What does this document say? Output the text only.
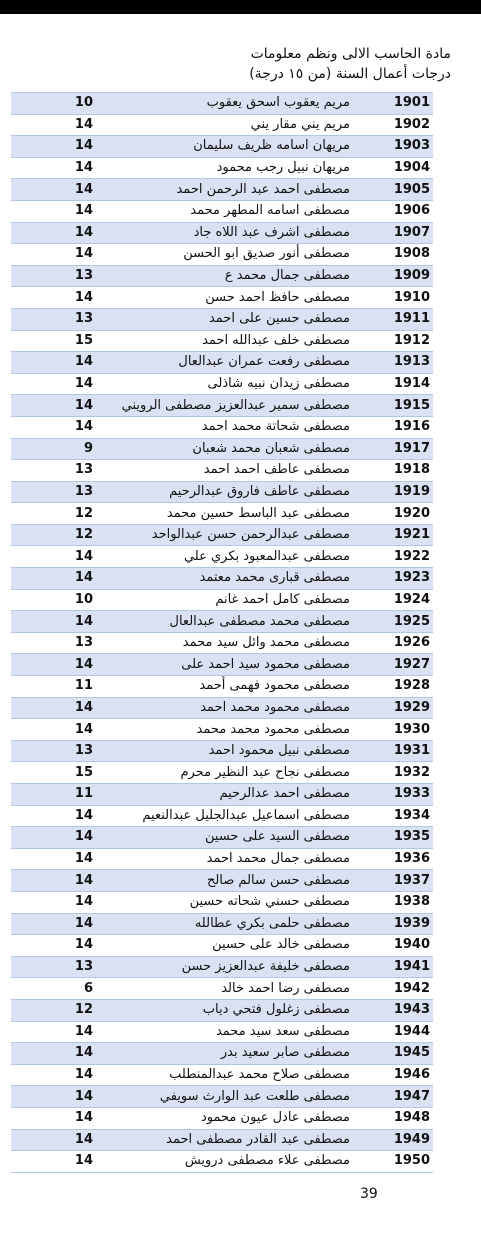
مادة الحاسب الالى ونظم معلومات
درجات أعمال السنة (من ١٥ درجة)
10	مريم يعقوب اسحق يعقوب	1901
14	مريم يني مقار يني	1902
14	مريهان اسامه ظريف سليمان	1903
14	مريهان نبيل رجب محمود	1904
14	مصطفى احمد عبد الرحمن احمد	1905
14	مصطفى اسامه المطهر محمد	1906
14	مصطفى اشرف عبد اللاه جاد	1907
14	مصطفى أنور صديق ابو الحسن	1908
13	مصطفى جمال محمد ع	1909
14	مصطفى حافظ احمد حسن	1910
13	مصطفى حسين على احمد	1911
15	مصطفى خلف عبدالله احمد	1912
14	مصطفى رفعت عمران عبدالعال	1913
14	مصطفى زيدان نبيه شاذلى	1914
14	مصطفى سمير عبدالعزيز مصطفى الرويني	1915
14	مصطفى شحاتة محمد احمد	1916
9	مصطفى شعبان محمد شعبان	1917
13	مصطفى عاطف احمد احمد	1918
13	مصطفى عاطف فاروق عبدالرحيم	1919
12	مصطفى عبد الباسط حسين محمد	1920
12	مصطفى عبدالرحمن حسن عبدالواحد	1921
14	مصطفى عبدالمعبود بكري علي	1922
14	مصطفى قبارى محمد معتمد	1923
10	مصطفى كامل احمد غانم	1924
14	مصطفى محمد مصطفى عبدالعال	1925
13	مصطفى محمد وائل سيد محمد	1926
14	مصطفى محمود سيد احمد على	1927
11	مصطفى محمود فهمى أحمد	1928
14	مصطفى محمود محمد احمد	1929
14	مصطفى محمود محمد محمد	1930
13	مصطفى نبيل محمود احمد	1931
15	مصطفى نجاح عبد النظير محرم	1932
11	مصطفى احمد عدالرحيم	1933
14	مصطفى اسماعيل عبدالجليل عبدالنعيم	1934
14	مصطفى السيد على حسين	1935
14	مصطفى جمال محمد احمد	1936
14	مصطفى حسن سالم صالح	1937
14	مصطفى حسني شحاته حسين	1938
14	مصطفى حلمى بكري عطالله	1939
14	مصطفى خالد على حسين	1940
13	مصطفى خليفة عبدالعزيز حسن	1941
6	مصطفى رضا احمد خالد	1942
12	مصطفى زغلول فتحي دياب	1943
14	مصطفى سعد سيد محمد	1944
14	مصطفى صابر سعيد بدر	1945
14	مصطفى صلاح محمد عبدالمنطلب	1946
14	مصطفى طلعت عبد الوارث سويفي	1947
14	مصطفى عادل عيون محمود	1948
14	مصطفى عبد القادر مصطفى احمد	1949
14	مصطفى علاء مصطفى درويش	1950
39
